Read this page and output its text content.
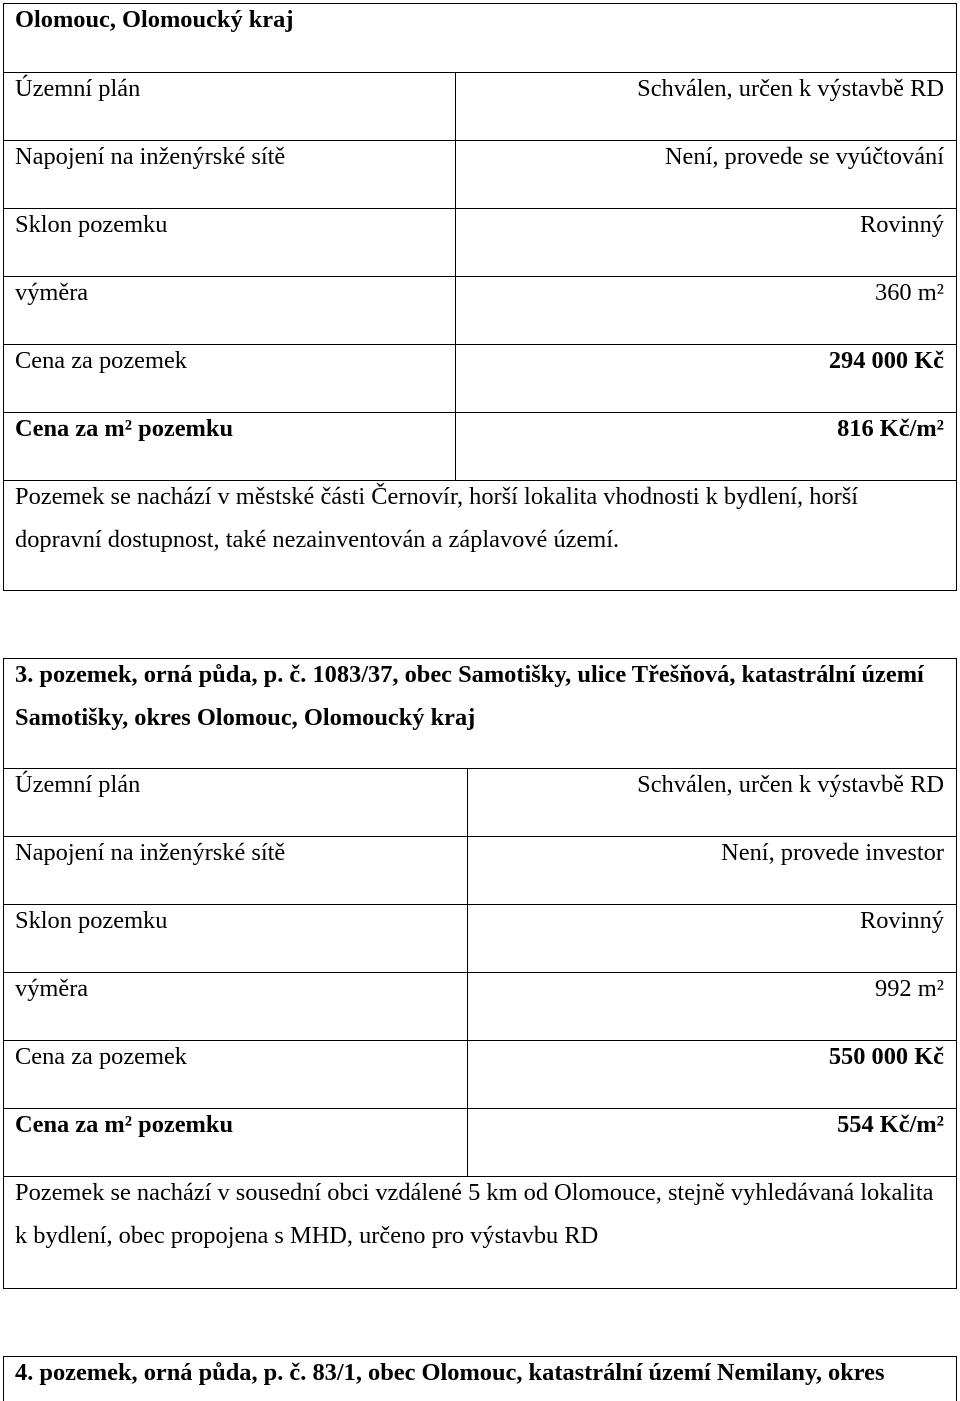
Olomouc, Olomoucký kraj
Územní plán	Schválen, určen k výstavbě RD
Napojení na inženýrské sítě	Není, provede se vyúčtování
Sklon pozemku	Rovinný
výměra	360 m²
Cena za pozemek	294 000 Kč
Cena za m² pozemku	816 Kč/m²
Pozemek se nachází v městské části Černovír, horší lokalita vhodnosti k bydlení, horší dopravní dostupnost, také nezainventován a záplavové území.
3. pozemek, orná půda, p. č. 1083/37, obec Samotišky, ulice Třešňová, katastrální území Samotišky, okres Olomouc, Olomoucký kraj
Územní plán	Schválen, určen k výstavbě RD
Napojení na inženýrské sítě	Není, provede investor
Sklon pozemku	Rovinný
výměra	992 m²
Cena za pozemek	550 000 Kč
Cena za m² pozemku	554 Kč/m²
Pozemek se nachází v sousední obci vzdálené 5 km od Olomouce, stejně vyhledávaná lokalita k bydlení, obec propojena s MHD, určeno pro výstavbu RD
4. pozemek, orná půda, p. č. 83/1, obec Olomouc, katastrální území Nemilany, okres
